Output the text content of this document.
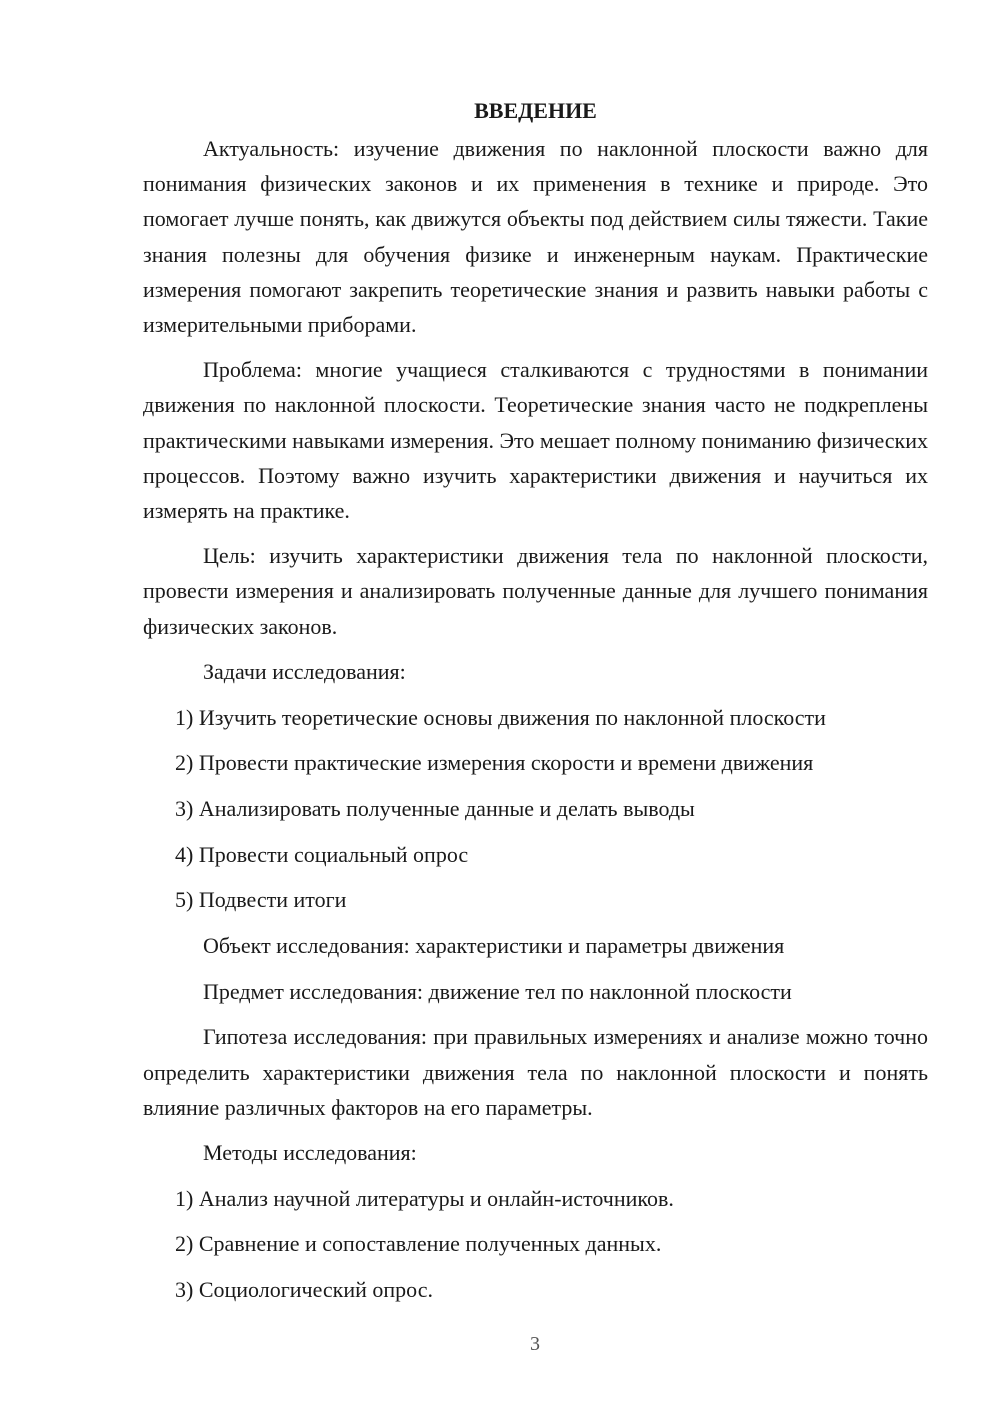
ВВЕДЕНИЕ

Актуальность: изучение движения по наклонной плоскости важно для понимания физических законов и их применения в технике и природе. Это помогает лучше понять, как движутся объекты под действием силы тяжести. Такие знания полезны для обучения физике и инженерным наукам. Практические измерения помогают закрепить теоретические знания и развить навыки работы с измерительными приборами.

Проблема: многие учащиеся сталкиваются с трудностями в понимании движения по наклонной плоскости. Теоретические знания часто не подкреплены практическими навыками измерения. Это мешает полному пониманию физических процессов. Поэтому важно изучить характеристики движения и научиться их измерять на практике.

Цель: изучить характеристики движения тела по наклонной плоскости, провести измерения и анализировать полученные данные для лучшего понимания физических законов.

Задачи исследования:
1) Изучить теоретические основы движения по наклонной плоскости
2) Провести практические измерения скорости и времени движения
3) Анализировать полученные данные и делать выводы
4) Провести социальный опрос
5) Подвести итоги
Объект исследования: характеристики и параметры движения
Предмет исследования: движение тел по наклонной плоскости

Гипотеза исследования: при правильных измерениях и анализе можно точно определить характеристики движения тела по наклонной плоскости и понять влияние различных факторов на его параметры.

Методы исследования:
1) Анализ научной литературы и онлайн-источников.
2) Сравнение и сопоставление полученных данных.
3) Социологический опрос.
3
